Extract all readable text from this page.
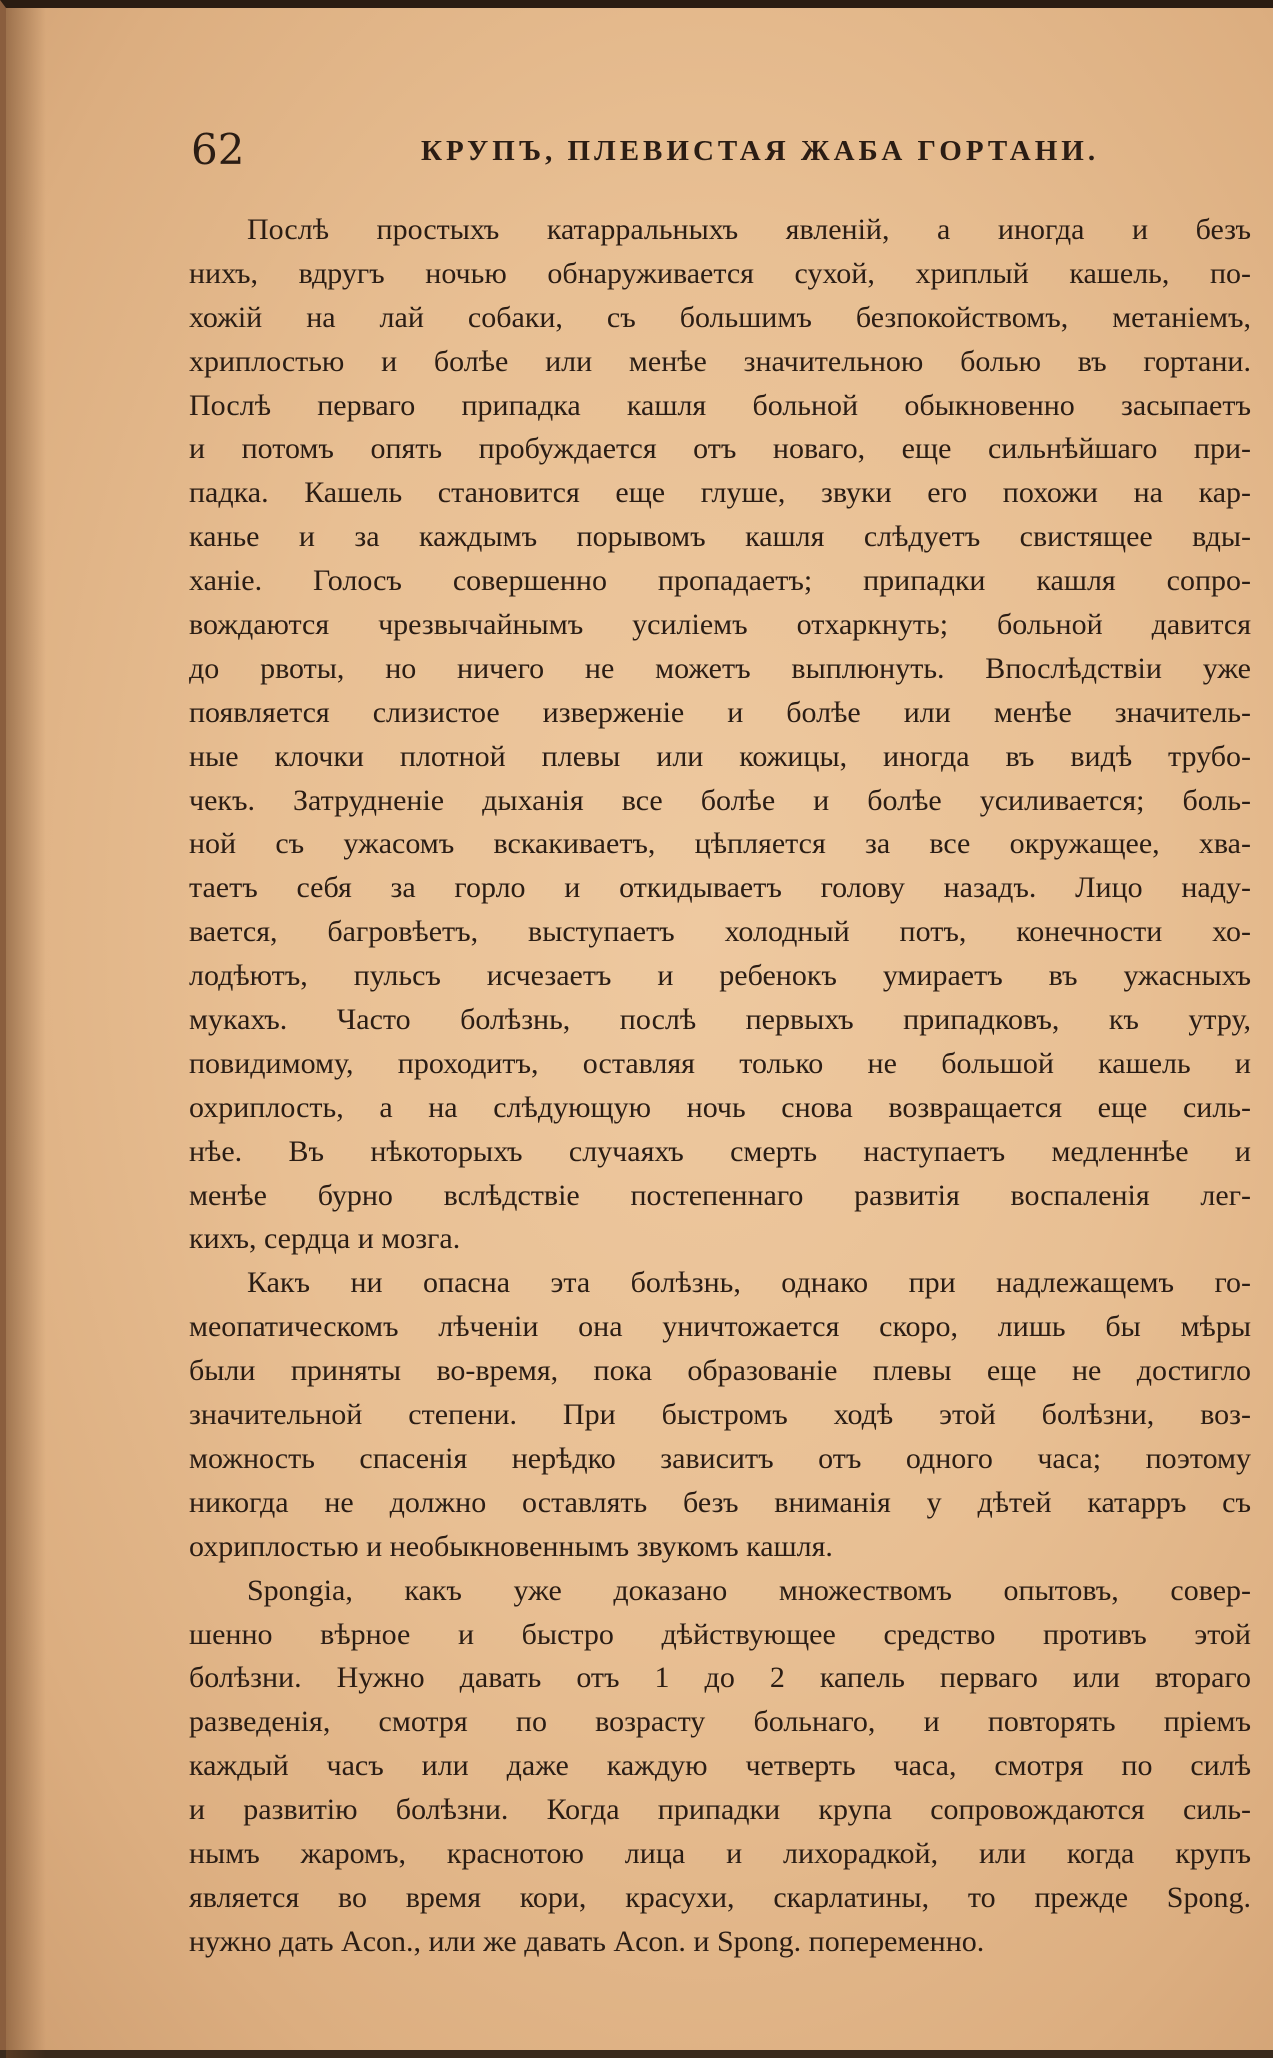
62	КРУПЪ, ПЛЕВИСТАЯ ЖАБА ГОРТАНИ.
Послѣ простыхъ катарральныхъ явленій, а иногда и безъ
нихъ, вдругъ ночью обнаруживается сухой, хриплый кашель, по-
хожій на лай собаки, съ большимъ безпокойствомъ, метаніемъ,
хриплостью и болѣе или менѣе значительною болью въ гортани.
Послѣ перваго припадка кашля больной обыкновенно засыпаетъ
и потомъ опять пробуждается отъ новаго, еще сильнѣйшаго при-
падка. Кашель становится еще глуше, звуки его похожи на кар-
канье и за каждымъ порывомъ кашля слѣдуетъ свистящее вды-
ханіе. Голосъ совершенно пропадаетъ; припадки кашля сопро-
вождаются чрезвычайнымъ усиліемъ отхаркнуть; больной давится
до рвоты, но ничего не можетъ выплюнуть. Впослѣдствіи уже
появляется слизистое изверженіе и болѣе или менѣе значитель-
ные клочки плотной плевы или кожицы, иногда въ видѣ трубо-
чекъ. Затрудненіе дыханія все болѣе и болѣе усиливается; боль-
ной съ ужасомъ вскакиваетъ, цѣпляется за все окружащее, хва-
таетъ себя за горло и откидываетъ голову назадъ. Лицо наду-
вается, багровѣетъ, выступаетъ холодный потъ, конечности хо-
лодѣютъ, пульсъ исчезаетъ и ребенокъ умираетъ въ ужасныхъ
мукахъ. Часто болѣзнь, послѣ первыхъ припадковъ, къ утру,
повидимому, проходитъ, оставляя только не большой кашель и
охриплость, а на слѣдующую ночь снова возвращается еще силь-
нѣе. Въ нѣкоторыхъ случаяхъ смерть наступаетъ медленнѣе и
менѣе бурно вслѣдствіе постепеннаго развитія воспаленія лег-
кихъ, сердца и мозга.
Какъ ни опасна эта болѣзнь, однако при надлежащемъ го-
меопатическомъ лѣченіи она уничтожается скоро, лишь бы мѣры
были приняты во-время, пока образованіе плевы еще не достигло
значительной степени. При быстромъ ходѣ этой болѣзни, воз-
можность спасенія нерѣдко зависитъ отъ одного часа; поэтому
никогда не должно оставлять безъ вниманія у дѣтей катарръ съ
охриплостью и необыкновеннымъ звукомъ кашля.
Spongia, какъ уже доказано множествомъ опытовъ, совер-
шенно вѣрное и быстро дѣйствующее средство противъ этой
болѣзни. Нужно давать отъ 1 до 2 капель перваго или втораго
разведенія, смотря по возрасту больнаго, и повторять пріемъ
каждый часъ или даже каждую четверть часа, смотря по силѣ
и развитію болѣзни. Когда припадки крупа сопровождаются силь-
нымъ жаромъ, краснотою лица и лихорадкой, или когда крупъ
является во время кори, красухи, скарлатины, то прежде Spong.
нужно дать Acon., или же давать Acon. и Spong. попеременно.
